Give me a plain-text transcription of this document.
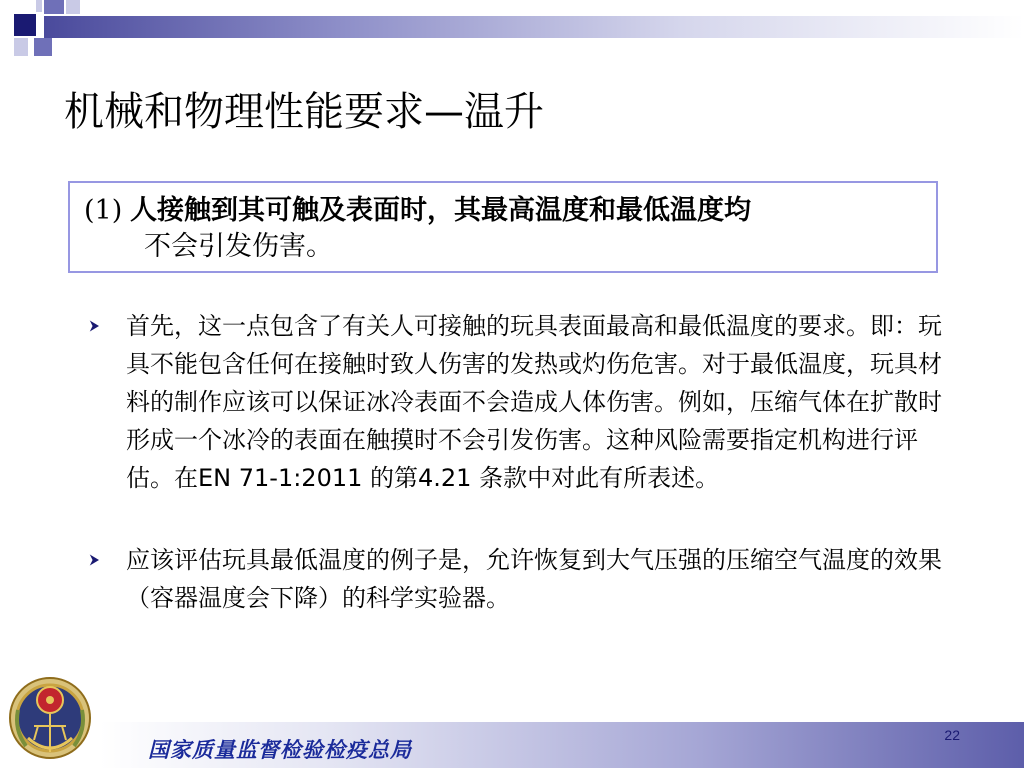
机械和物理性能要求—温升
(1) 人接触到其可触及表面时，其最高温度和最低温度均
不会引发伤害。
首先，这一点包含了有关人可接触的玩具表面最高和最低温度的要求。即：玩具不能包含任何在接触时致人伤害的发热或灼伤危害。对于最低温度，玩具材料的制作应该可以保证冰冷表面不会造成人体伤害。例如，压缩气体在扩散时形成一个冰冷的表面在触摸时不会引发伤害。这种风险需要指定机构进行评估。在EN 71-1:2011 的第4.21 条款中对此有所表述。
应该评估玩具最低温度的例子是，允许恢复到大气压强的压缩空气温度的效果（容器温度会下降）的科学实验器。
国家质量监督检验检疫总局
22
